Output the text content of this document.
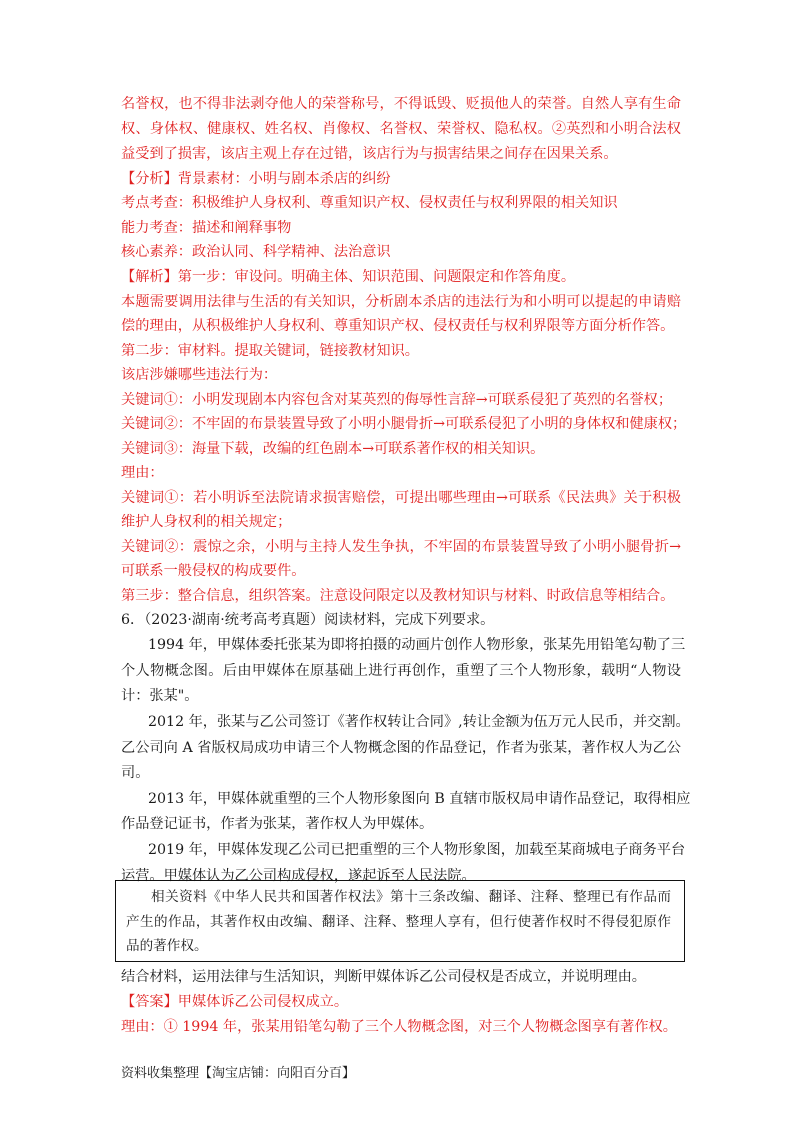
名誉权，也不得非法剥夺他人的荣誉称号，不得诋毁、贬损他人的荣誉。自然人享有生命
权、身体权、健康权、姓名权、肖像权、名誉权、荣誉权、隐私权。②英烈和小明合法权
益受到了损害，该店主观上存在过错，该店行为与损害结果之间存在因果关系。
【分析】背景素材：小明与剧本杀店的纠纷
考点考查：积极维护人身权利、尊重知识产权、侵权责任与权利界限的相关知识
能力考查：描述和阐释事物
核心素养：政治认同、科学精神、法治意识
【解析】第一步：审设问。明确主体、知识范围、问题限定和作答角度。
本题需要调用法律与生活的有关知识，分析剧本杀店的违法行为和小明可以提起的申请赔
偿的理由，从积极维护人身权利、尊重知识产权、侵权责任与权利界限等方面分析作答。
第二步：审材料。提取关键词，链接教材知识。
该店涉嫌哪些违法行为：
关键词①：小明发现剧本内容包含对某英烈的侮辱性言辞→可联系侵犯了英烈的名誉权；
关键词②：不牢固的布景装置导致了小明小腿骨折→可联系侵犯了小明的身体权和健康权；
关键词③：海量下载，改编的红色剧本→可联系著作权的相关知识。
理由：
关键词①：若小明诉至法院请求损害赔偿，可提出哪些理由→可联系《民法典》关于积极
维护人身权利的相关规定；
关键词②：震惊之余，小明与主持人发生争执，不牢固的布景装置导致了小明小腿骨折→
可联系一般侵权的构成要件。
第三步：整合信息，组织答案。注意设问限定以及教材知识与材料、时政信息等相结合。
6．（2023·湖南·统考高考真题）阅读材料，完成下列要求。
1994 年，甲媒体委托张某为即将拍摄的动画片创作人物形象，张某先用铅笔勾勒了三
个人物概念图。后由甲媒体在原基础上进行再创作，重塑了三个人物形象，载明“人物设
计：张某"。
2012 年，张某与乙公司签订《著作权转让合同》,转让金额为伍万元人民币，并交割。
乙公司向 A 省版权局成功申请三个人物概念图的作品登记，作者为张某，著作权人为乙公
司。
2013 年，甲媒体就重塑的三个人物形象图向 B 直辖市版权局申请作品登记，取得相应
作品登记证书，作者为张某，著作权人为甲媒体。
2019 年，甲媒体发现乙公司已把重塑的三个人物形象图，加载至某商城电子商务平台
运营。甲媒体认为乙公司构成侵权，遂起诉至人民法院。
相关资料《中华人民共和国著作权法》第十三条改编、翻译、注释、整理已有作品而
产生的作品，其著作权由改编、翻译、注释、整理人享有，但行使著作权时不得侵犯原作
品的著作权。
结合材料，运用法律与生活知识，判断甲媒体诉乙公司侵权是否成立，并说明理由。
【答案】甲媒体诉乙公司侵权成立。
理由：① 1994 年，张某用铅笔勾勒了三个人物概念图，对三个人物概念图享有著作权。
资料收集整理【淘宝店铺：向阳百分百】
